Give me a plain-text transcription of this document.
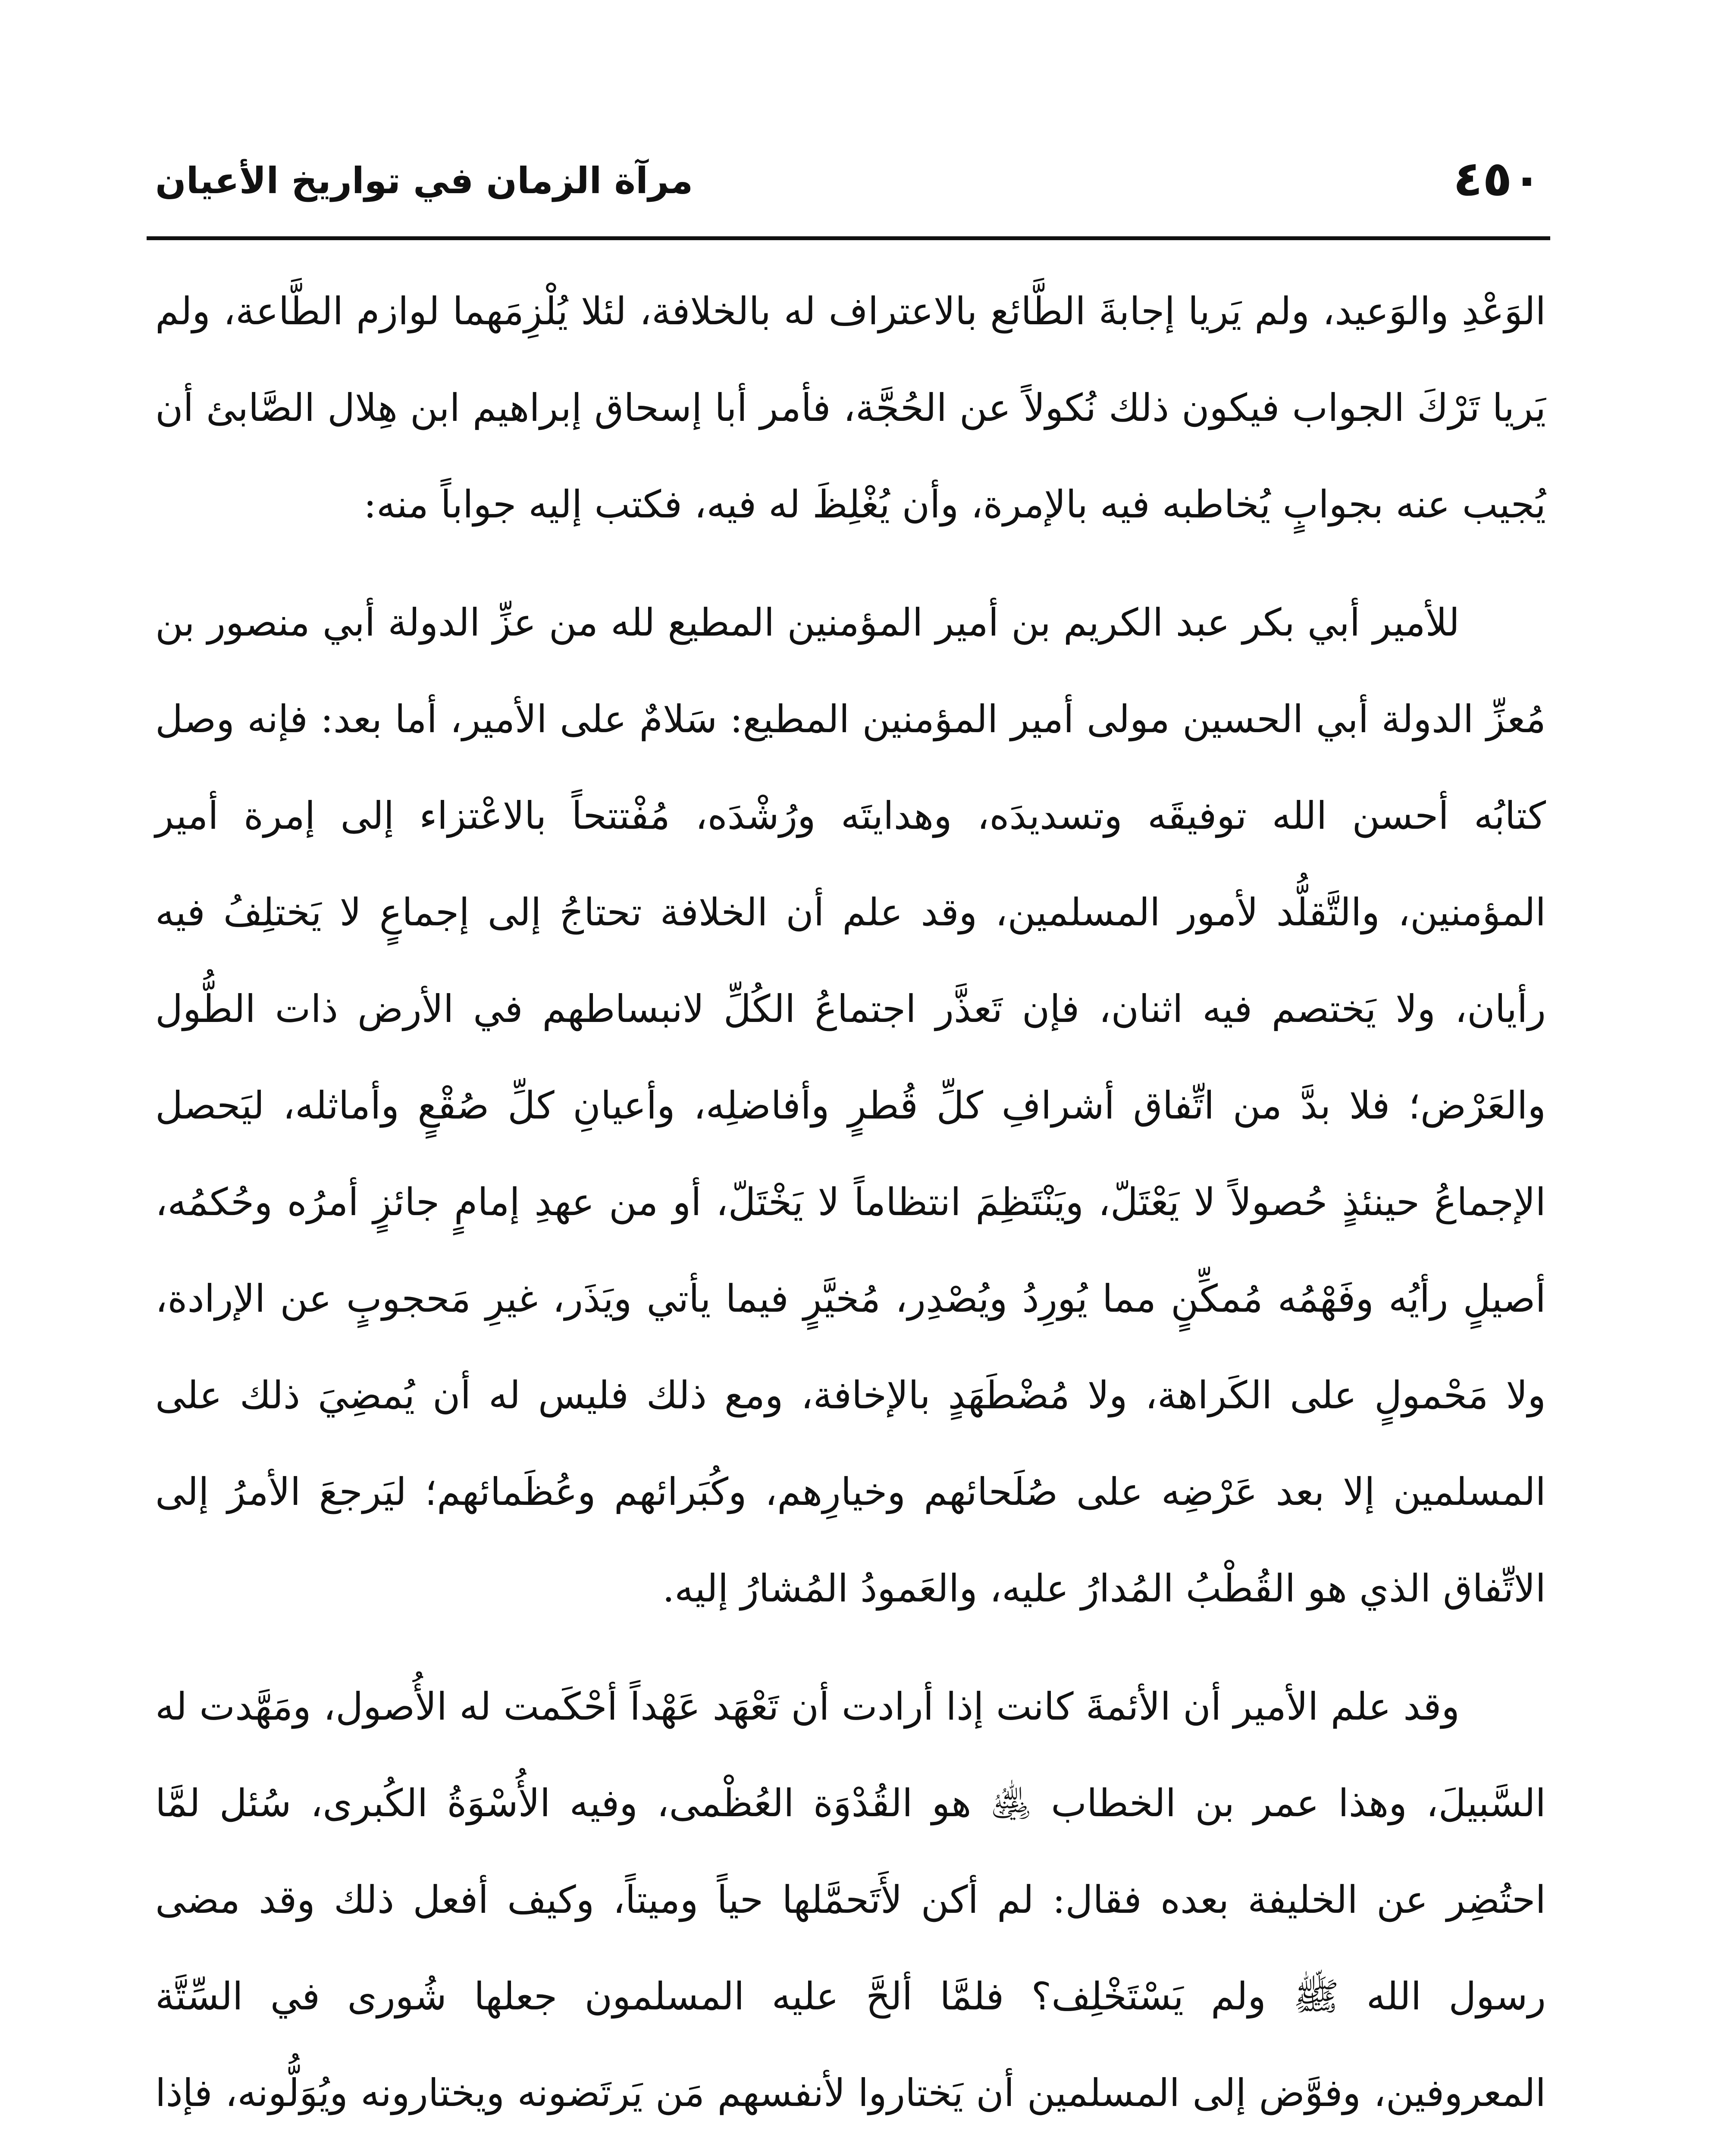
٤٥٠
مرآة الزمان في تواريخ الأعيان

الوَعْدِ والوَعيد، ولم يَريا إجابةَ الطَّائع بالاعتراف له بالخلافة، لئلا يُلْزِمَهما لوازم الطَّاعة، ولم يَريا تَرْكَ الجواب فيكون ذلك نُكولاً عن الحُجَّة، فأمر أبا إسحاق إبراهيم ابن هِلال الصَّابئ أن يُجيب عنه بجوابٍ يُخاطبه فيه بالإمرة، وأن يُغْلِظَ له فيه، فكتب إليه جواباً منه:

للأمير أبي بكر عبد الكريم بن أمير المؤمنين المطيع لله من عزِّ الدولة أبي منصور بن مُعزِّ الدولة أبي الحسين مولى أمير المؤمنين المطيع: سَلامٌ على الأمير، أما بعد: فإنه وصل كتابُه أحسن الله توفيقَه وتسديدَه، وهدايتَه ورُشْدَه، مُفْتتحاً بالاعْتزاء إلى إمرة أمير المؤمنين، والتَّقلُّد لأمور المسلمين، وقد علم أن الخلافة تحتاجُ إلى إجماعٍ لا يَختلِفُ فيه رأيان، ولا يَختصم فيه اثنان، فإن تَعذَّر اجتماعُ الكُلِّ لانبساطهم في الأرض ذات الطُّول والعَرْض؛ فلا بدَّ من اتِّفاق أشرافِ كلِّ قُطرٍ وأفاضلِه، وأعيانِ كلِّ صُقْعٍ وأماثله، ليَحصل الإجماعُ حينئذٍ حُصولاً لا يَعْتَلّ، ويَنْتَظِمَ انتظاماً لا يَخْتَلّ، أو من عهدِ إمامٍ جائزٍ أمرُه وحُكمُه، أصيلٍ رأيُه وفَهْمُه مُمكِّنٍ مما يُورِدُ ويُصْدِر، مُخيَّرٍ فيما يأتي ويَذَر، غيرِ مَحجوبٍ عن الإرادة، ولا مَحْمولٍ على الكَراهة، ولا مُضْطَهَدٍ بالإخافة، ومع ذلك فليس له أن يُمضِيَ ذلك على المسلمين إلا بعد عَرْضِه على صُلَحائهم وخيارِهم، وكُبَرائهم وعُظَمائهم؛ ليَرجعَ الأمرُ إلى الاتِّفاق الذي هو القُطْبُ المُدارُ عليه، والعَمودُ المُشارُ إليه.

وقد علم الأمير أن الأئمةَ كانت إذا أرادت أن تَعْهَد عَهْداً أحْكَمت له الأُصول، ومَهَّدت له السَّبيلَ، وهذا عمر بن الخطاب ﵁ هو القُدْوَة العُظْمى، وفيه الأُسْوَةُ الكُبرى، سُئل لمَّا احتُضِر عن الخليفة بعده فقال: لم أكن لأَتَحمَّلها حياً وميتاً، وكيف أفعل ذلك وقد مضى رسول الله ﷺ ولم يَسْتَخْلِف؟ فلمَّا ألحَّ عليه المسلمون جعلها شُورى في السِّتَّة المعروفين، وفوَّض إلى المسلمين أن يَختاروا لأنفسهم مَن يَرتَضونه ويختارونه ويُوَلُّونه، فإذا
